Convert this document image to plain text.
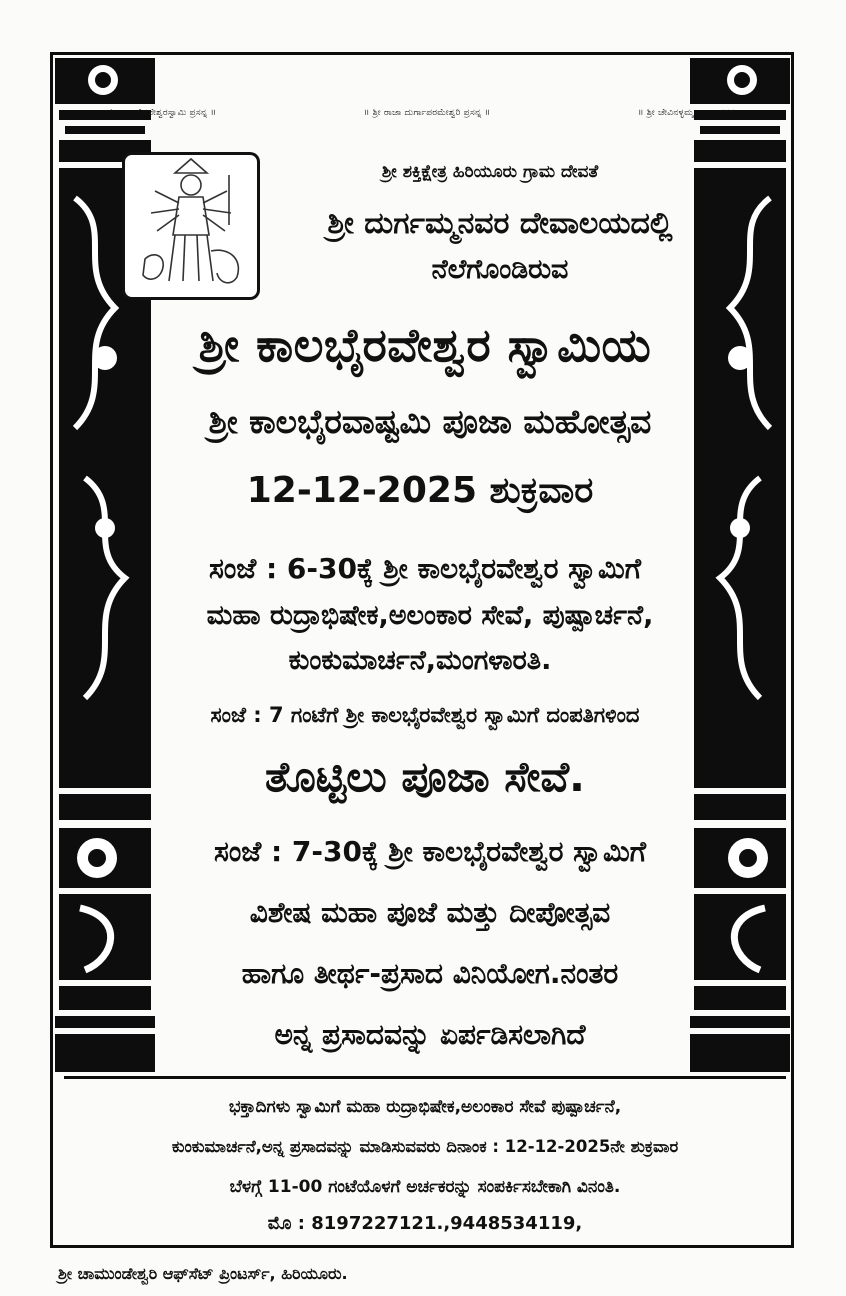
ಶ್ರೀ ಕಾಲಭೈರವೇಶ್ವರಸ್ವಾಮಿ ಪ್ರಸನ್ನ ॥	॥ ಶ್ರೀ ರಾಜಾ ದುರ್ಗಾಪರಮೇಶ್ವರಿ ಪ್ರಸನ್ನ ॥	॥ ಶ್ರೀ ಚೇವಿನಳ್ಳಮ್ಮ ತಾಯಿ ಪ್ರಸನ್ನ
ಶ್ರೀ ಶಕ್ತಿಕ್ಷೇತ್ರ ಹಿರಿಯೂರು ಗ್ರಾಮ ದೇವತೆ
ಶ್ರೀ ದುರ್ಗಮ್ಮನವರ ದೇವಾಲಯದಲ್ಲಿ
ನೆಲೆಗೊಂಡಿರುವ
ಶ್ರೀ ಕಾಲಭೈರವೇಶ್ವರ ಸ್ವಾಮಿಯ
ಶ್ರೀ ಕಾಲಭೈರವಾಷ್ಟಮಿ ಪೂಜಾ ಮಹೋತ್ಸವ
12-12-2025 ಶುಕ್ರವಾರ
ಸಂಜೆ : 6-30ಕ್ಕೆ ಶ್ರೀ ಕಾಲಭೈರವೇಶ್ವರ ಸ್ವಾಮಿಗೆ
ಮಹಾ ರುದ್ರಾಭಿಷೇಕ,ಅಲಂಕಾರ ಸೇವೆ, ಪುಷ್ಪಾರ್ಚನೆ,
ಕುಂಕುಮಾರ್ಚನೆ,ಮಂಗಳಾರತಿ.
ಸಂಜೆ : 7 ಗಂಟೆಗೆ ಶ್ರೀ ಕಾಲಭೈರವೇಶ್ವರ ಸ್ವಾಮಿಗೆ ದಂಪತಿಗಳಿಂದ
ತೊಟ್ಟಿಲು ಪೂಜಾ ಸೇವೆ.
ಸಂಜೆ : 7-30ಕ್ಕೆ ಶ್ರೀ ಕಾಲಭೈರವೇಶ್ವರ ಸ್ವಾಮಿಗೆ
ವಿಶೇಷ ಮಹಾ ಪೂಜೆ ಮತ್ತು ದೀಪೋತ್ಸವ
ಹಾಗೂ ತೀರ್ಥ-ಪ್ರಸಾದ ವಿನಿಯೋಗ.ನಂತರ
ಅನ್ನ ಪ್ರಸಾದವನ್ನು ಏರ್ಪಡಿಸಲಾಗಿದೆ
ಭಕ್ತಾದಿಗಳು ಸ್ವಾಮಿಗೆ ಮಹಾ ರುದ್ರಾಭಿಷೇಕ,ಅಲಂಕಾರ ಸೇವೆ ಪುಷ್ಪಾರ್ಚನೆ,
ಕುಂಕುಮಾರ್ಚನೆ,ಅನ್ನ ಪ್ರಸಾದವನ್ನು ಮಾಡಿಸುವವರು ದಿನಾಂಕ : 12-12-2025ನೇ ಶುಕ್ರವಾರ
ಬೆಳಗ್ಗೆ 11-00 ಗಂಟೆಯೊಳಗೆ ಅರ್ಚಕರನ್ನು ಸಂಪರ್ಕಿಸಬೇಕಾಗಿ ವಿನಂತಿ.
ಮೊ : 8197227121.,9448534119,
ಶ್ರೀ ಚಾಮುಂಡೇಶ್ವರಿ ಆಫ್‌ಸೆಟ್ ಪ್ರಿಂಟರ್ಸ್, ಹಿರಿಯೂರು.
